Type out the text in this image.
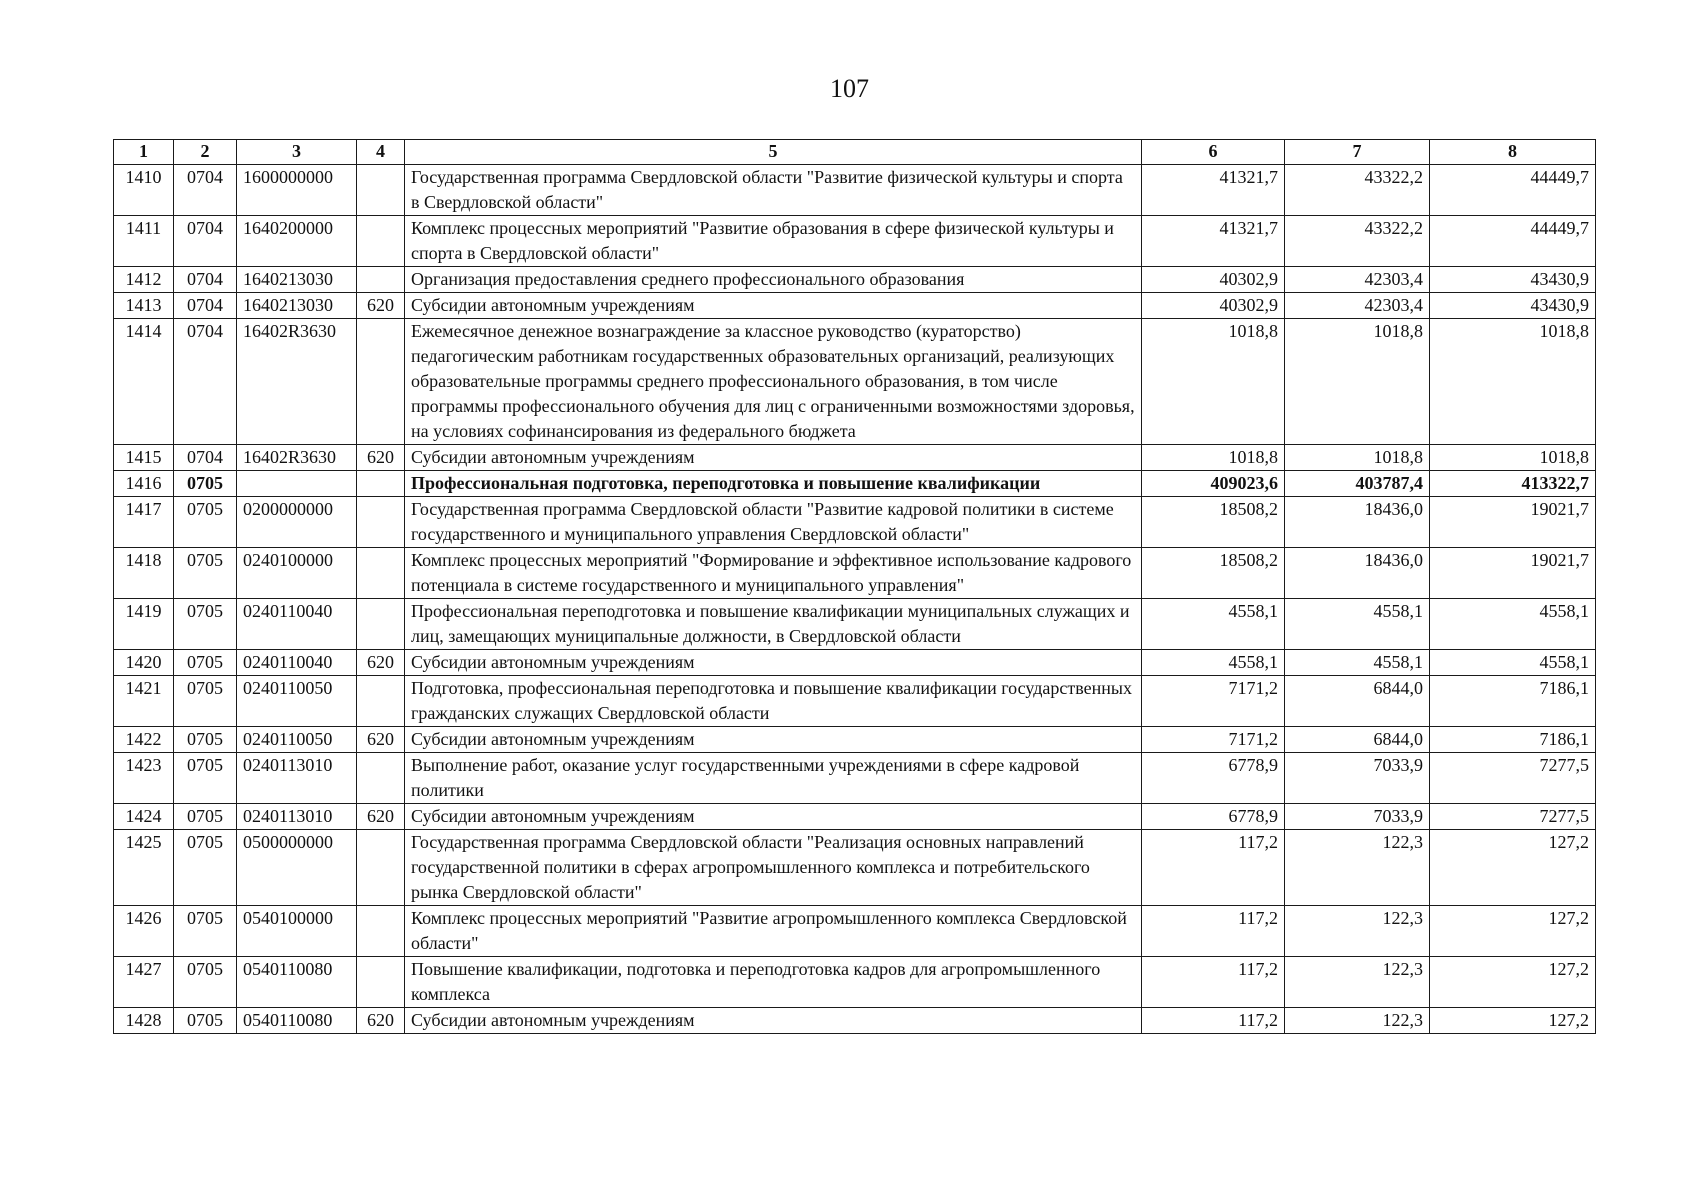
107
1	2	3	4	5	6	7	8
1410	0704	1600000000		Государственная программа Свердловской области "Развитие физической культуры и спорта в Свердловской области"	41321,7	43322,2	44449,7
1411	0704	1640200000		Комплекс процессных мероприятий "Развитие образования в сфере физической культуры и спорта в Свердловской области"	41321,7	43322,2	44449,7
1412	0704	1640213030		Организация предоставления среднего профессионального образования	40302,9	42303,4	43430,9
1413	0704	1640213030	620	Субсидии автономным учреждениям	40302,9	42303,4	43430,9
1414	0704	16402R3630		Ежемесячное денежное вознаграждение за классное руководство (кураторство) педагогическим работникам государственных образовательных организаций, реализующих образовательные программы среднего профессионального образования, в том числе программы профессионального обучения для лиц с ограниченными возможностями здоровья, на условиях софинансирования из федерального бюджета	1018,8	1018,8	1018,8
1415	0704	16402R3630	620	Субсидии автономным учреждениям	1018,8	1018,8	1018,8
1416	0705			Профессиональная подготовка, переподготовка и повышение квалификации	409023,6	403787,4	413322,7
1417	0705	0200000000		Государственная программа Свердловской области "Развитие кадровой политики в системе государственного и муниципального управления Свердловской области"	18508,2	18436,0	19021,7
1418	0705	0240100000		Комплекс процессных мероприятий "Формирование и эффективное использование кадрового потенциала в системе государственного и муниципального управления"	18508,2	18436,0	19021,7
1419	0705	0240110040		Профессиональная переподготовка и повышение квалификации муниципальных служащих и лиц, замещающих муниципальные должности, в Свердловской области	4558,1	4558,1	4558,1
1420	0705	0240110040	620	Субсидии автономным учреждениям	4558,1	4558,1	4558,1
1421	0705	0240110050		Подготовка, профессиональная переподготовка и повышение квалификации государственных гражданских служащих Свердловской области	7171,2	6844,0	7186,1
1422	0705	0240110050	620	Субсидии автономным учреждениям	7171,2	6844,0	7186,1
1423	0705	0240113010		Выполнение работ, оказание услуг государственными учреждениями в сфере кадровой политики	6778,9	7033,9	7277,5
1424	0705	0240113010	620	Субсидии автономным учреждениям	6778,9	7033,9	7277,5
1425	0705	0500000000		Государственная программа Свердловской области "Реализация основных направлений государственной политики в сферах агропромышленного комплекса и потребительского рынка Свердловской области"	117,2	122,3	127,2
1426	0705	0540100000		Комплекс процессных мероприятий "Развитие агропромышленного комплекса Свердловской области"	117,2	122,3	127,2
1427	0705	0540110080		Повышение квалификации, подготовка и переподготовка кадров для агропромышленного комплекса	117,2	122,3	127,2
1428	0705	0540110080	620	Субсидии автономным учреждениям	117,2	122,3	127,2
